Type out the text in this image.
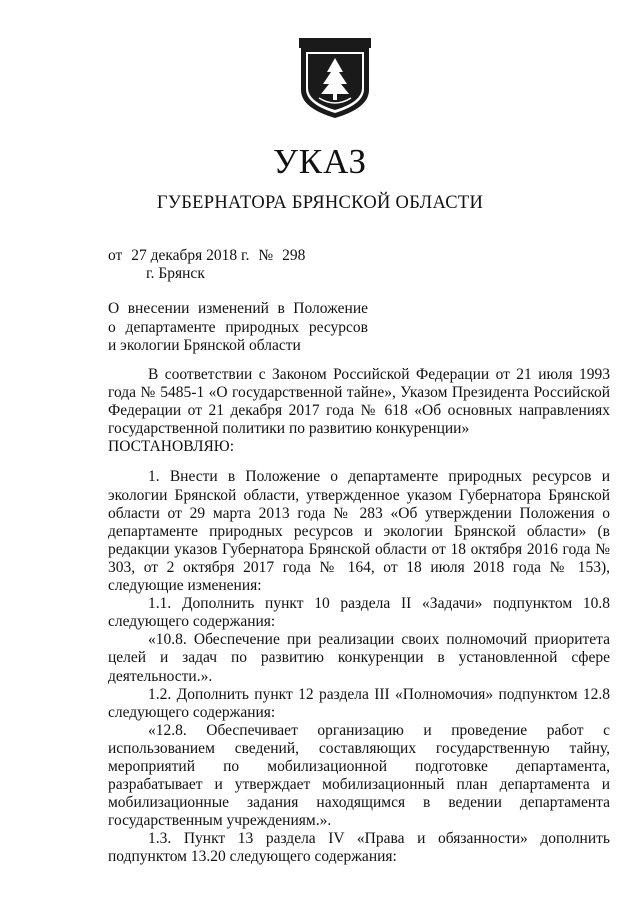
УКАЗ
ГУБЕРНАТОРА БРЯНСКОЙ ОБЛАСТИ
от 27 декабря 2018 г. № 298
г. Брянск
О внесении изменений в Положение
о департаменте природных ресурсов
и экологии Брянской области

В соответствии с Законом Российской Федерации от 21 июля 1993 года № 5485-1 «О государственной тайне», Указом Президента Российской Федерации от 21 декабря 2017 года № 618 «Об основных направлениях государственной политики по развитию конкуренции»

ПОСТАНОВЛЯЮ:

1. Внести в Положение о департаменте природных ресурсов и экологии Брянской области, утвержденное указом Губернатора Брянской области от 29 марта 2013 года № 283 «Об утверждении Положения о департаменте природных ресурсов и экологии Брянской области» (в редакции указов Губернатора Брянской области от 18 октября 2016 года № 303, от 2 октября 2017 года № 164, от 18 июля 2018 года № 153), следующие изменения:

1.1. Дополнить пункт 10 раздела II «Задачи» подпунктом 10.8 следующего содержания:

«10.8. Обеспечение при реализации своих полномочий приоритета целей и задач по развитию конкуренции в установленной сфере деятельности.».

1.2. Дополнить пункт 12 раздела III «Полномочия» подпунктом 12.8 следующего содержания:

«12.8. Обеспечивает организацию и проведение работ с использованием сведений, составляющих государственную тайну, мероприятий по мобилизационной подготовке департамента, разрабатывает и утверждает мобилизационный план департамента и мобилизационные задания находящимся в ведении департамента государственным учреждениям.».

1.3. Пункт 13 раздела IV «Права и обязанности» дополнить подпунктом 13.20 следующего содержания:
